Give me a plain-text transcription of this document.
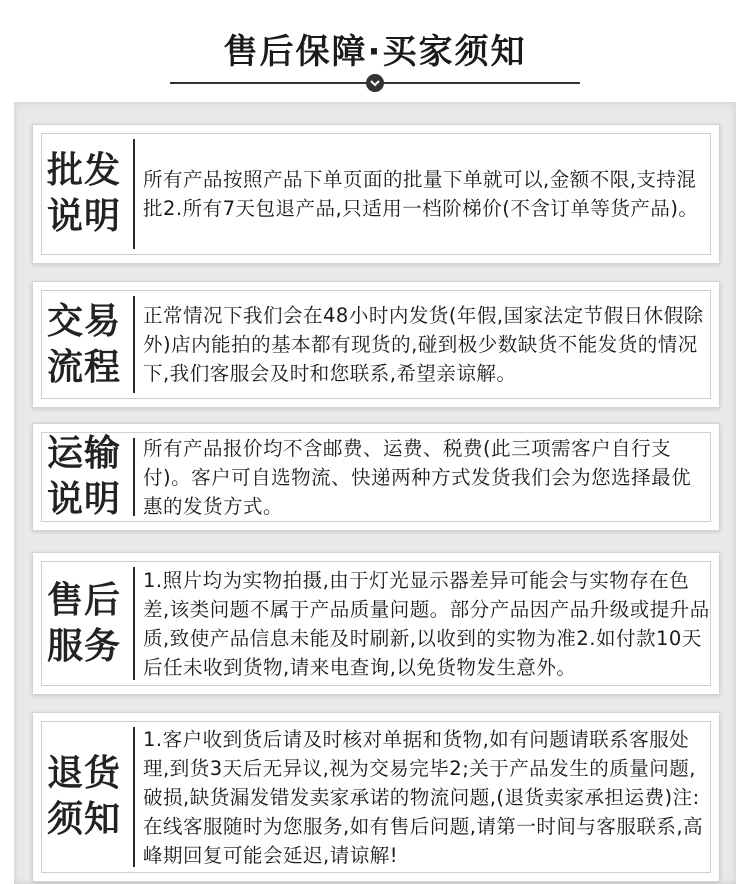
售后保障·买家须知
批发
说明

所有产品按照产品下单页面的批量下单就可以,金额不限,支持混批2.所有7天包退产品,只适用一档阶梯价(不含订单等货产品)。

交易
流程

正常情况下我们会在48小时内发货(年假,国家法定节假日休假除外)店内能拍的基本都有现货的,碰到极少数缺货不能发货的情况下,我们客服会及时和您联系,希望亲谅解。

运输
说明

所有产品报价均不含邮费、运费、税费(此三项需客户自行支付)。客户可自选物流、快递两种方式发货我们会为您选择最优惠的发货方式。

售后
服务

1.照片均为实物拍摄,由于灯光显示器差异可能会与实物存在色差,该类问题不属于产品质量问题。部分产品因产品升级或提升品质,致使产品信息未能及时刷新,以收到的实物为准2.如付款10天后任未收到货物,请来电查询,以免货物发生意外。

退货
须知

1.客户收到货后请及时核对单据和货物,如有问题请联系客服处理,到货3天后无异议,视为交易完毕2;关于产品发生的质量问题,破损,缺货漏发错发卖家承诺的物流问题,(退货卖家承担运费)注:在线客服随时为您服务,如有售后问题,请第一时间与客服联系,高峰期回复可能会延迟,请谅解!
